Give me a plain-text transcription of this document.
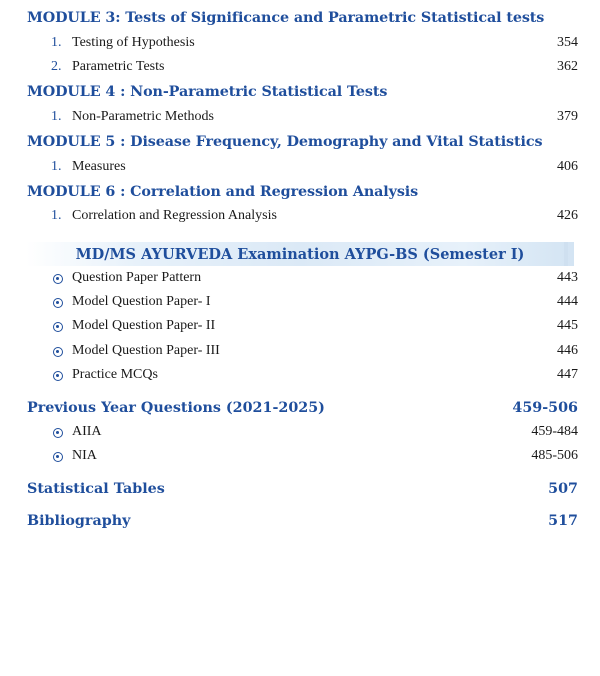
MODULE 3: Tests of Significance and Parametric Statistical tests
1. Testing of Hypothesis	354
2. Parametric Tests	362
MODULE 4 : Non-Parametric Statistical Tests
1. Non-Parametric Methods	379
MODULE 5 : Disease Frequency, Demography and Vital Statistics
1. Measures	406
MODULE 6 : Correlation and Regression Analysis
1. Correlation and Regression Analysis	426
MD/MS AYURVEDA Examination AYPG-BS (Semester I)
Question Paper Pattern	443
Model Question Paper- I	444
Model Question Paper- II	445
Model Question Paper- III	446
Practice MCQs	447
Previous Year Questions (2021-2025)	459-506
AIIA	459-484
NIA	485-506
Statistical Tables	507
Bibliography	517
